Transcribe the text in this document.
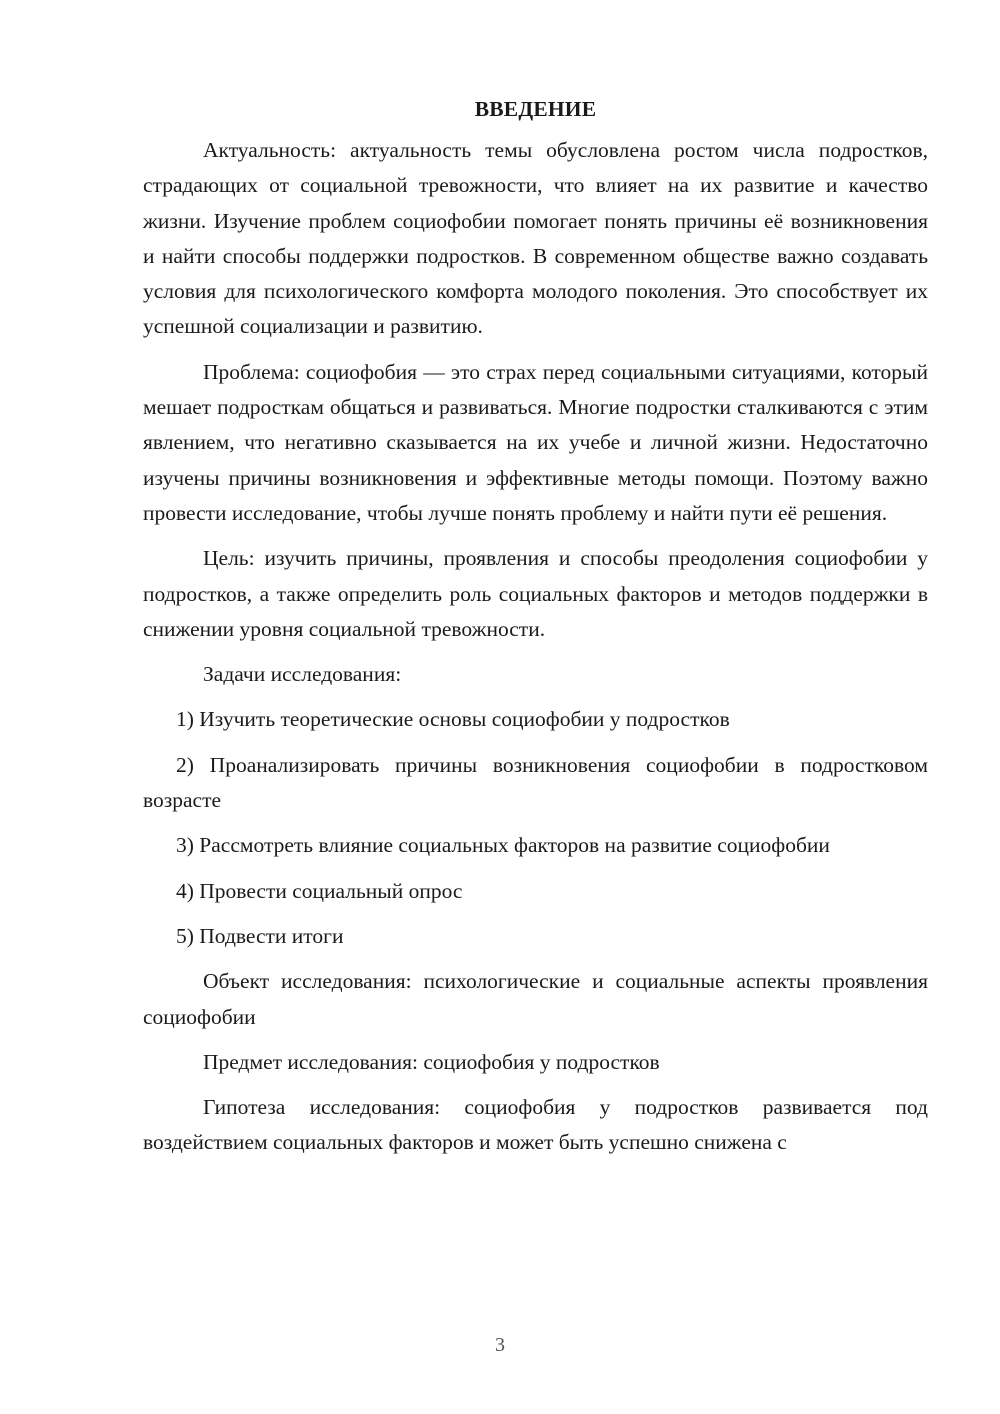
ВВЕДЕНИЕ

Актуальность: актуальность темы обусловлена ростом числа подростков, страдающих от социальной тревожности, что влияет на их развитие и качество жизни. Изучение проблем социофобии помогает понять причины её возникновения и найти способы поддержки подростков. В современном обществе важно создавать условия для психологического комфорта молодого поколения. Это способствует их успешной социализации и развитию.

Проблема: социофобия — это страх перед социальными ситуациями, который мешает подросткам общаться и развиваться. Многие подростки сталкиваются с этим явлением, что негативно сказывается на их учебе и личной жизни. Недостаточно изучены причины возникновения и эффективные методы помощи. Поэтому важно провести исследование, чтобы лучше понять проблему и найти пути её решения.

Цель: изучить причины, проявления и способы преодоления социофобии у подростков, а также определить роль социальных факторов и методов поддержки в снижении уровня социальной тревожности.

Задачи исследования:

1) Изучить теоретические основы социофобии у подростков

2) Проанализировать причины возникновения социофобии в подростковом возрасте

3) Рассмотреть влияние социальных факторов на развитие социофобии

4) Провести социальный опрос

5) Подвести итоги

Объект исследования: психологические и социальные аспекты проявления социофобии

Предмет исследования: социофобия у подростков

Гипотеза исследования: социофобия у подростков развивается под воздействием социальных факторов и может быть успешно снижена с

3
